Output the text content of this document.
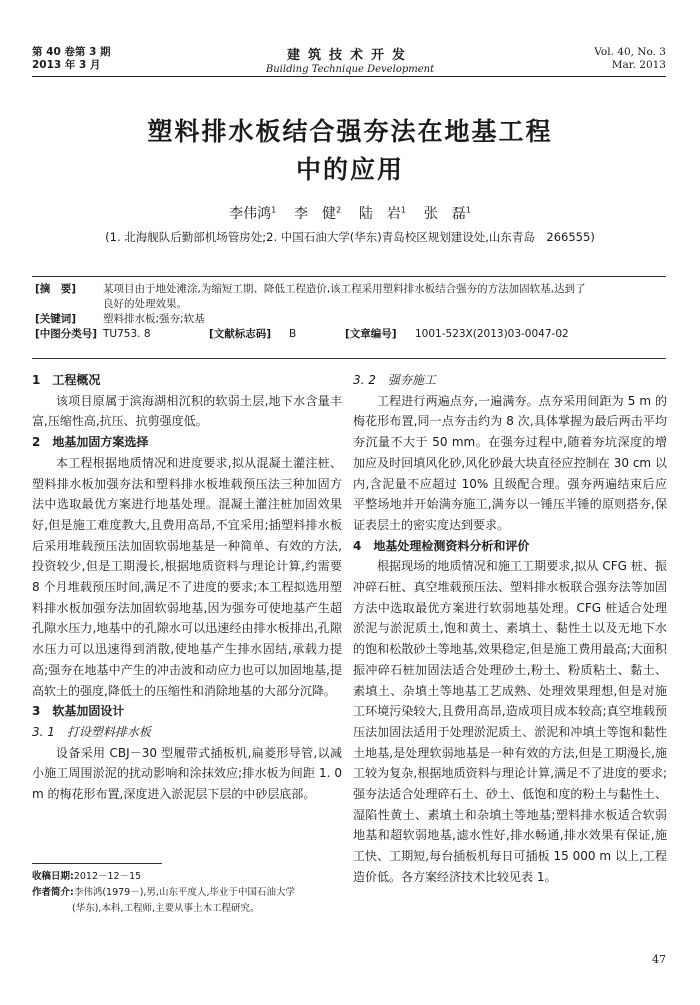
第 40 卷第 3 期
2013 年 3 月
建筑技术开发
Building Technique Development
Vol. 40, No. 3
Mar. 2013
塑料排水板结合强夯法在地基工程
中的应用
李伟鸿$^1$ 李　健$^2$ 陆　岩$^1$ 张　磊$^1$
(1. 北海舰队后勤部机场管房处;2. 中国石油大学(华东)青岛校区规划建设处,山东青岛　266555)
[摘　要]	某项目由于地处滩涂,为缩短工期、降低工程造价,该工程采用塑料排水板结合强夯的方法加固软基,达到了
良好的处理效果。
[关键词]	塑料排水板;强夯;软基
[中图分类号] TU753. 8	[文献标志码] B	[文章编号] 1001-523X(2013)03-0047-02

1　工程概况

该项目原属于滨海湖相沉积的软弱土层,地下水含量丰富,压缩性高,抗压、抗剪强度低。

2　地基加固方案选择

本工程根据地质情况和进度要求,拟从混凝土灌注桩、塑料排水板加强夯法和塑料排水板堆载预压法三种加固方法中选取最优方案进行地基处理。混凝土灌注桩加固效果好,但是施工难度教大,且费用高昂,不宜采用;插塑料排水板后采用堆载预压法加固软弱地基是一种简单、有效的方法,投资较少,但是工期漫长,根据地质资料与理论计算,约需要 8 个月堆载预压时间,满足不了进度的要求;本工程拟选用塑料排水板加强夯法加固软弱地基,因为强夯可使地基产生超孔隙水压力,地基中的孔隙水可以迅速经由排水板排出,孔隙水压力可以迅速得到消散,使地基产生排水固结,承载力提高;强夯在地基中产生的冲击波和动应力也可以加固地基,提高软土的强度,降低土的压缩性和消除地基的大部分沉降。

3　软基加固设计

3. 1　打设塑料排水板

设备采用 CBJ－30 型履带式插板机,扁菱形导管,以减小施工周围淤泥的扰动影响和涂抹效应;排水板为间距 1. 0 m 的梅花形布置,深度进入淤泥层下层的中砂层底部。

收稿日期:2012－12－15
作者简介:李伟鸿(1979－),男,山东平度人,毕业于中国石油大学
(华东),本科,工程师,主要从事土木工程研究。

3. 2　强夯施工

工程进行两遍点夯,一遍满夯。点夯采用间距为 5 m 的梅花形布置,同一点夯击约为 8 次,具体掌握为最后两击平均夯沉量不大于 50 mm。在强夯过程中,随着夯坑深度的增加应及时回填风化砂,风化砂最大块直径应控制在 30 cm 以内,含泥量不应超过 10% 且级配合理。强夯两遍结束后应平整场地并开始满夯施工,满夯以一锤压半锤的原则搭夯,保证表层土的密实度达到要求。

4　地基处理检测资料分析和评价

根据现场的地质情况和施工工期要求,拟从 CFG 桩、振冲碎石桩、真空堆载预压法、塑料排水板联合强夯法等加固方法中选取最优方案进行软弱地基处理。CFG 桩适合处理淤泥与淤泥质土,饱和黄土、素填土、黏性土以及无地下水的饱和松散砂土等地基,效果稳定,但是施工费用最高;大面积振冲碎石桩加固法适合处理砂土,粉土、粉质粘土、黏土、素填土、杂填土等地基工艺成熟、处理效果理想,但是对施工环境污染较大,且费用高昂,造成项目成本较高;真空堆载预压法加固法适用于处理淤泥质土、淤泥和冲填土等饱和黏性土地基,是处理软弱地基是一种有效的方法,但是工期漫长,施工较为复杂,根据地质资料与理论计算,满足不了进度的要求;强夯法适合处理碎石土、砂土、低饱和度的粉土与黏性土、湿陷性黄土、素填土和杂填土等地基;塑料排水板适合软弱地基和超软弱地基,滤水性好,排水畅通,排水效果有保证,施工快、工期短,每台插板机每日可插板 15 000 m 以上,工程造价低。各方案经济技术比较见表 1。

47
